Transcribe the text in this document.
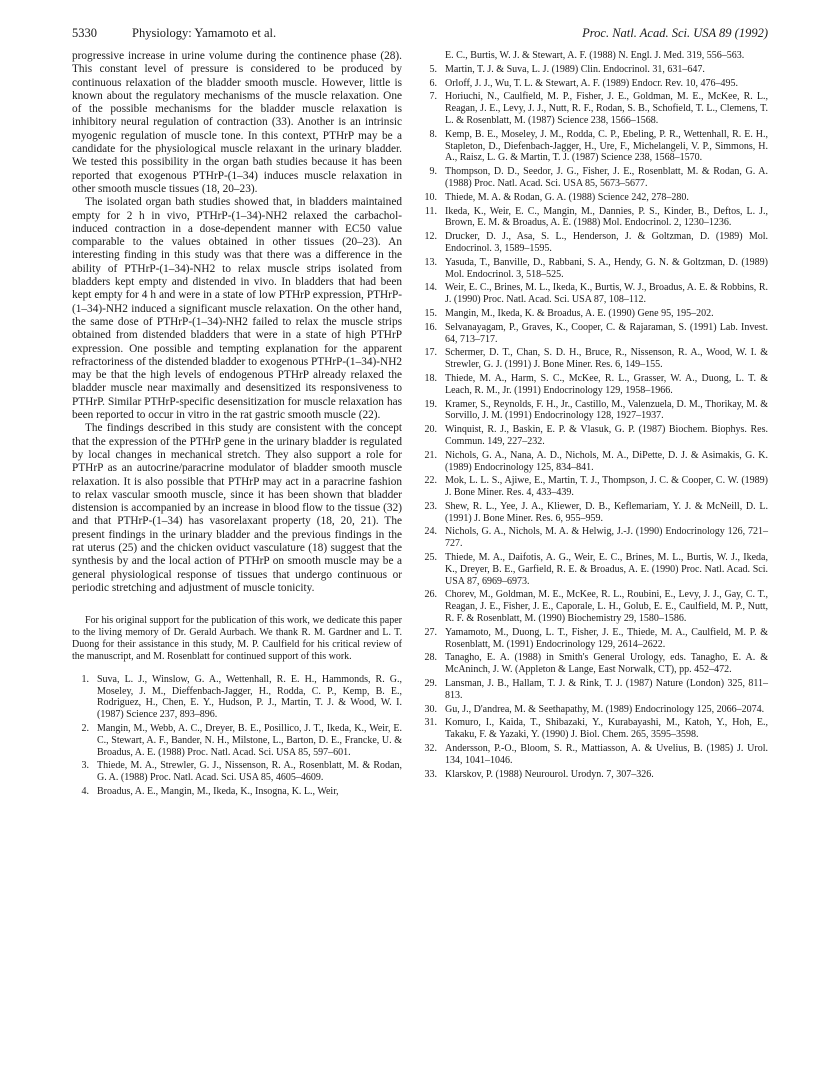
5330	Physiology: Yamamoto et al.	Proc. Natl. Acad. Sci. USA 89 (1992)

progressive increase in urine volume during the continence phase (28). This constant level of pressure is considered to be produced by continuous relaxation of the bladder smooth muscle. However, little is known about the regulatory mechanisms of the muscle relaxation. One of the possible mechanisms for the bladder muscle relaxation is inhibitory neural regulation of contraction (33). Another is an intrinsic myogenic regulation of muscle tone. In this context, PTHrP may be a candidate for the physiological muscle relaxant in the urinary bladder. We tested this possibility in the organ bath studies because it has been reported that exogenous PTHrP-(1–34) induces muscle relaxation in other smooth muscle tissues (18, 20–23).

The isolated organ bath studies showed that, in bladders maintained empty for 2 h in vivo, PTHrP-(1–34)-NH2 relaxed the carbachol-induced contraction in a dose-dependent manner with EC50 value comparable to the values obtained in other tissues (20–23). An interesting finding in this study was that there was a difference in the ability of PTHrP-(1–34)-NH2 to relax muscle strips isolated from bladders kept empty and distended in vivo. In bladders that had been kept empty for 4 h and were in a state of low PTHrP expression, PTHrP-(1–34)-NH2 induced a significant muscle relaxation. On the other hand, the same dose of PTHrP-(1–34)-NH2 failed to relax the muscle strips obtained from distended bladders that were in a state of high PTHrP expression. One possible and tempting explanation for the apparent refractoriness of the distended bladder to exogenous PTHrP-(1–34)-NH2 may be that the high levels of endogenous PTHrP already relaxed the bladder muscle near maximally and desensitized its responsiveness to PTHrP. Similar PTHrP-specific desensitization for muscle relaxation has been reported to occur in vitro in the rat gastric smooth muscle (22).

The findings described in this study are consistent with the concept that the expression of the PTHrP gene in the urinary bladder is regulated by local changes in mechanical stretch. They also support a role for PTHrP as an autocrine/paracrine modulator of bladder smooth muscle relaxation. It is also possible that PTHrP may act in a paracrine fashion to relax vascular smooth muscle, since it has been shown that bladder distension is accompanied by an increase in blood flow to the tissue (32) and that PTHrP-(1–34) has vasorelaxant property (18, 20, 21). The present findings in the urinary bladder and the previous findings in the rat uterus (25) and the chicken oviduct vasculature (18) suggest that the synthesis by and the local action of PTHrP on smooth muscle may be a general physiological response of tissues that undergo continuous or periodic stretching and adjustment of muscle tonicity.

For his original support for the publication of this work, we dedicate this paper to the living memory of Dr. Gerald Aurbach. We thank R. M. Gardner and L. T. Duong for their assistance in this study, M. P. Caulfield for his critical review of the manuscript, and M. Rosenblatt for continued support of this work.

1. Suva, L. J., Winslow, G. A., Wettenhall, R. E. H., Hammonds, R. G., Moseley, J. M., Dieffenbach-Jagger, H., Rodda, C. P., Kemp, B. E., Rodriguez, H., Chen, E. Y., Hudson, P. J., Martin, T. J. & Wood, W. I. (1987) Science 237, 893–896.
2. Mangin, M., Webb, A. C., Dreyer, B. E., Posillico, J. T., Ikeda, K., Weir, E. C., Stewart, A. F., Bander, N. H., Milstone, L., Barton, D. E., Francke, U. & Broadus, A. E. (1988) Proc. Natl. Acad. Sci. USA 85, 597–601.
3. Thiede, M. A., Strewler, G. J., Nissenson, R. A., Rosenblatt, M. & Rodan, G. A. (1988) Proc. Natl. Acad. Sci. USA 85, 4605–4609.
4. Broadus, A. E., Mangin, M., Ikeda, K., Insogna, K. L., Weir,
E. C., Burtis, W. J. & Stewart, A. F. (1988) N. Engl. J. Med. 319, 556–563.
5. Martin, T. J. & Suva, L. J. (1989) Clin. Endocrinol. 31, 631–647.
6. Orloff, J. J., Wu, T. L. & Stewart, A. F. (1989) Endocr. Rev. 10, 476–495.
7. Horiuchi, N., Caulfield, M. P., Fisher, J. E., Goldman, M. E., McKee, R. L., Reagan, J. E., Levy, J. J., Nutt, R. F., Rodan, S. B., Schofield, T. L., Clemens, T. L. & Rosenblatt, M. (1987) Science 238, 1566–1568.
8. Kemp, B. E., Moseley, J. M., Rodda, C. P., Ebeling, P. R., Wettenhall, R. E. H., Stapleton, D., Diefenbach-Jagger, H., Ure, F., Michelangeli, V. P., Simmons, H. A., Raisz, L. G. & Martin, T. J. (1987) Science 238, 1568–1570.
9. Thompson, D. D., Seedor, J. G., Fisher, J. E., Rosenblatt, M. & Rodan, G. A. (1988) Proc. Natl. Acad. Sci. USA 85, 5673–5677.
10. Thiede, M. A. & Rodan, G. A. (1988) Science 242, 278–280.
11. Ikeda, K., Weir, E. C., Mangin, M., Dannies, P. S., Kinder, B., Deftos, L. J., Brown, E. M. & Broadus, A. E. (1988) Mol. Endocrinol. 2, 1230–1236.
12. Drucker, D. J., Asa, S. L., Henderson, J. & Goltzman, D. (1989) Mol. Endocrinol. 3, 1589–1595.
13. Yasuda, T., Banville, D., Rabbani, S. A., Hendy, G. N. & Goltzman, D. (1989) Mol. Endocrinol. 3, 518–525.
14. Weir, E. C., Brines, M. L., Ikeda, K., Burtis, W. J., Broadus, A. E. & Robbins, R. J. (1990) Proc. Natl. Acad. Sci. USA 87, 108–112.
15. Mangin, M., Ikeda, K. & Broadus, A. E. (1990) Gene 95, 195–202.
16. Selvanayagam, P., Graves, K., Cooper, C. & Rajaraman, S. (1991) Lab. Invest. 64, 713–717.
17. Schermer, D. T., Chan, S. D. H., Bruce, R., Nissenson, R. A., Wood, W. I. & Strewler, G. J. (1991) J. Bone Miner. Res. 6, 149–155.
18. Thiede, M. A., Harm, S. C., McKee, R. L., Grasser, W. A., Duong, L. T. & Leach, R. M., Jr. (1991) Endocrinology 129, 1958–1966.
19. Kramer, S., Reynolds, F. H., Jr., Castillo, M., Valenzuela, D. M., Thorikay, M. & Sorvillo, J. M. (1991) Endocrinology 128, 1927–1937.
20. Winquist, R. J., Baskin, E. P. & Vlasuk, G. P. (1987) Biochem. Biophys. Res. Commun. 149, 227–232.
21. Nichols, G. A., Nana, A. D., Nichols, M. A., DiPette, D. J. & Asimakis, G. K. (1989) Endocrinology 125, 834–841.
22. Mok, L. L. S., Ajiwe, E., Martin, T. J., Thompson, J. C. & Cooper, C. W. (1989) J. Bone Miner. Res. 4, 433–439.
23. Shew, R. L., Yee, J. A., Kliewer, D. B., Keflemariam, Y. J. & McNeill, D. L. (1991) J. Bone Miner. Res. 6, 955–959.
24. Nichols, G. A., Nichols, M. A. & Helwig, J.-J. (1990) Endocrinology 126, 721–727.
25. Thiede, M. A., Daifotis, A. G., Weir, E. C., Brines, M. L., Burtis, W. J., Ikeda, K., Dreyer, B. E., Garfield, R. E. & Broadus, A. E. (1990) Proc. Natl. Acad. Sci. USA 87, 6969–6973.
26. Chorev, M., Goldman, M. E., McKee, R. L., Roubini, E., Levy, J. J., Gay, C. T., Reagan, J. E., Fisher, J. E., Caporale, L. H., Golub, E. E., Caulfield, M. P., Nutt, R. F. & Rosenblatt, M. (1990) Biochemistry 29, 1580–1586.
27. Yamamoto, M., Duong, L. T., Fisher, J. E., Thiede, M. A., Caulfield, M. P. & Rosenblatt, M. (1991) Endocrinology 129, 2614–2622.
28. Tanagho, E. A. (1988) in Smith's General Urology, eds. Tanagho, E. A. & McAninch, J. W. (Appleton & Lange, East Norwalk, CT), pp. 452–472.
29. Lansman, J. B., Hallam, T. J. & Rink, T. J. (1987) Nature (London) 325, 811–813.
30. Gu, J., D'andrea, M. & Seethapathy, M. (1989) Endocrinology 125, 2066–2074.
31. Komuro, I., Kaida, T., Shibazaki, Y., Kurabayashi, M., Katoh, Y., Hoh, E., Takaku, F. & Yazaki, Y. (1990) J. Biol. Chem. 265, 3595–3598.
32. Andersson, P.-O., Bloom, S. R., Mattiasson, A. & Uvelius, B. (1985) J. Urol. 134, 1041–1046.
33. Klarskov, P. (1988) Neurourol. Urodyn. 7, 307–326.
